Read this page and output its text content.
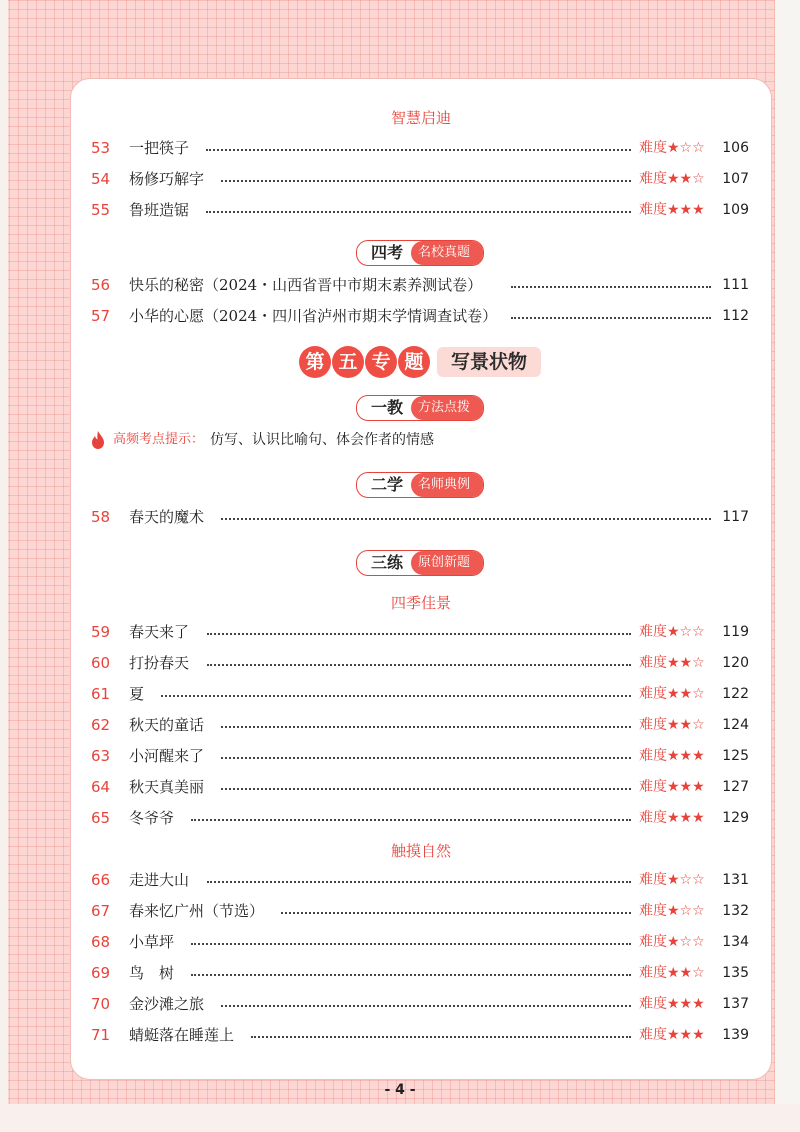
智慧启迪
53 一把筷子	难度★☆☆ 106
54 杨修巧解字	难度★★☆ 107
55 鲁班造锯	难度★★★ 109
四考	名校真题
56 快乐的秘密（2024・山西省晋中市期末素养测试卷）	111
57 小华的心愿（2024・四川省泸州市期末学情调查试卷）	112
第 五 专 题	写景状物
一教	方法点拨
高频考点提示： 仿写、认识比喻句、体会作者的情感
二学	名师典例
58 春天的魔术	117
三练	原创新题
四季佳景
59 春天来了	难度★☆☆ 119
60 打扮春天	难度★★☆ 120
61 夏	难度★★☆ 122
62 秋天的童话	难度★★☆ 124
63 小河醒来了	难度★★★ 125
64 秋天真美丽	难度★★★ 127
65 冬爷爷	难度★★★ 129
触摸自然
66 走进大山	难度★☆☆ 131
67 春来忆广州（节选）	难度★☆☆ 132
68 小草坪	难度★☆☆ 134
69 鸟　树	难度★★☆ 135
70 金沙滩之旅	难度★★★ 137
71 蜻蜓落在睡莲上	难度★★★ 139
- 4 -
